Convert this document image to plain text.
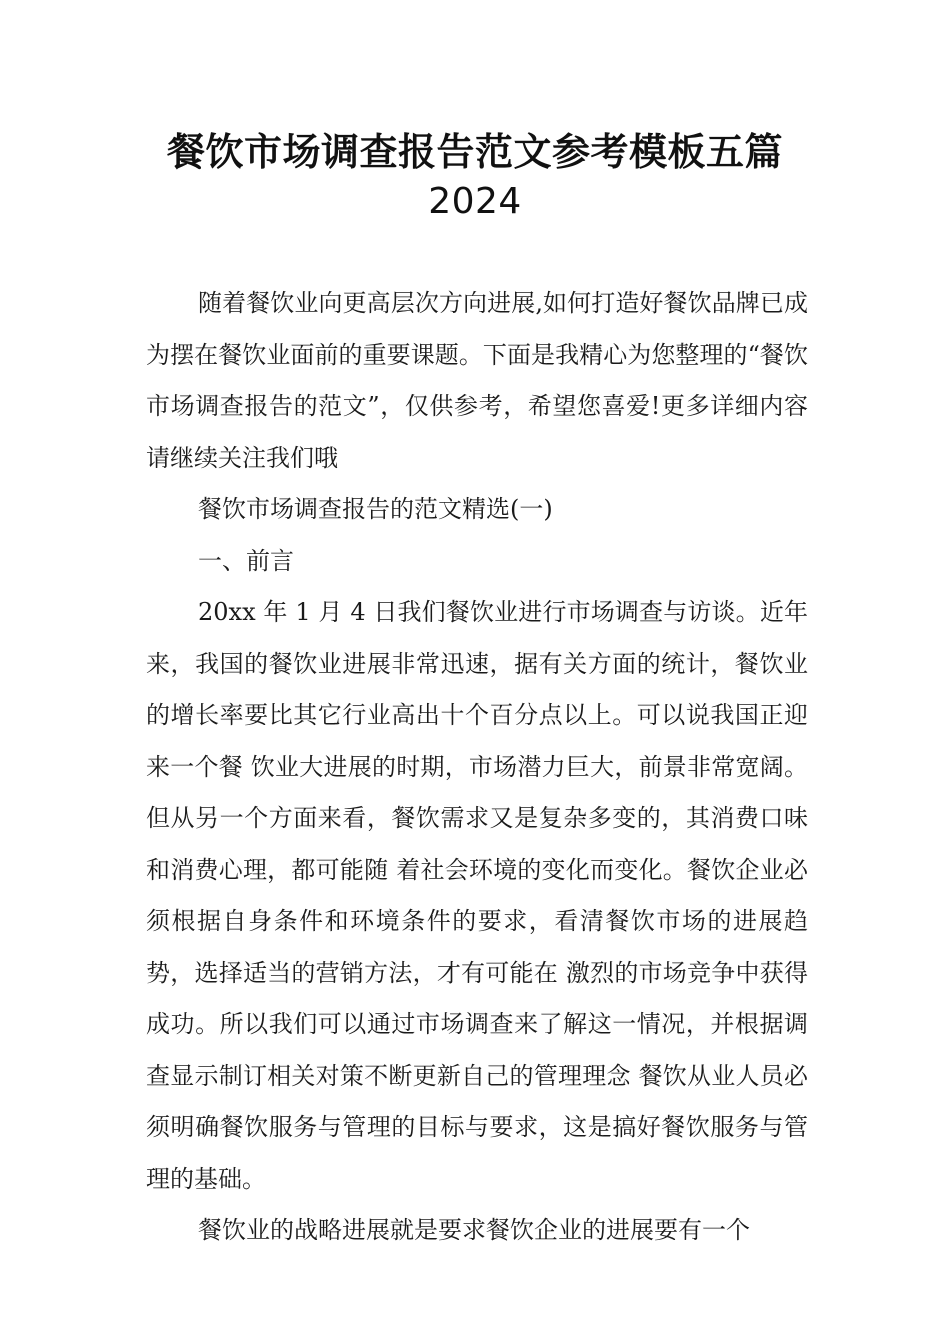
餐饮市场调查报告范文参考模板五篇
2024

随着餐饮业向更高层次方向进展,如何打造好餐饮品牌已成为摆在餐饮业面前的重要课题。下面是我精心为您整理的“餐饮市场调查报告的范文”，仅供参考，希望您喜爱!更多详细内容请继续关注我们哦

餐饮市场调查报告的范文精选(一)

一、前言

20xx 年 1 月 4 日我们餐饮业进行市场调查与访谈。近年来，我国的餐饮业进展非常迅速，据有关方面的统计，餐饮业的增长率要比其它行业高出十个百分点以上。可以说我国正迎来一个餐 饮业大进展的时期，市场潜力巨大，前景非常宽阔。但从另一个方面来看，餐饮需求又是复杂多变的，其消费口味和消费心理，都可能随 着社会环境的变化而变化。餐饮企业必须根据自身条件和环境条件的要求，看清餐饮市场的进展趋势，选择适当的营销方法，才有可能在 激烈的市场竞争中获得成功。所以我们可以通过市场调查来了解这一情况，并根据调查显示制订相关对策不断更新自己的管理理念 餐饮从业人员必须明确餐饮服务与管理的目标与要求，这是搞好餐饮服务与管理的基础。

餐饮业的战略进展就是要求餐饮企业的进展要有一个
